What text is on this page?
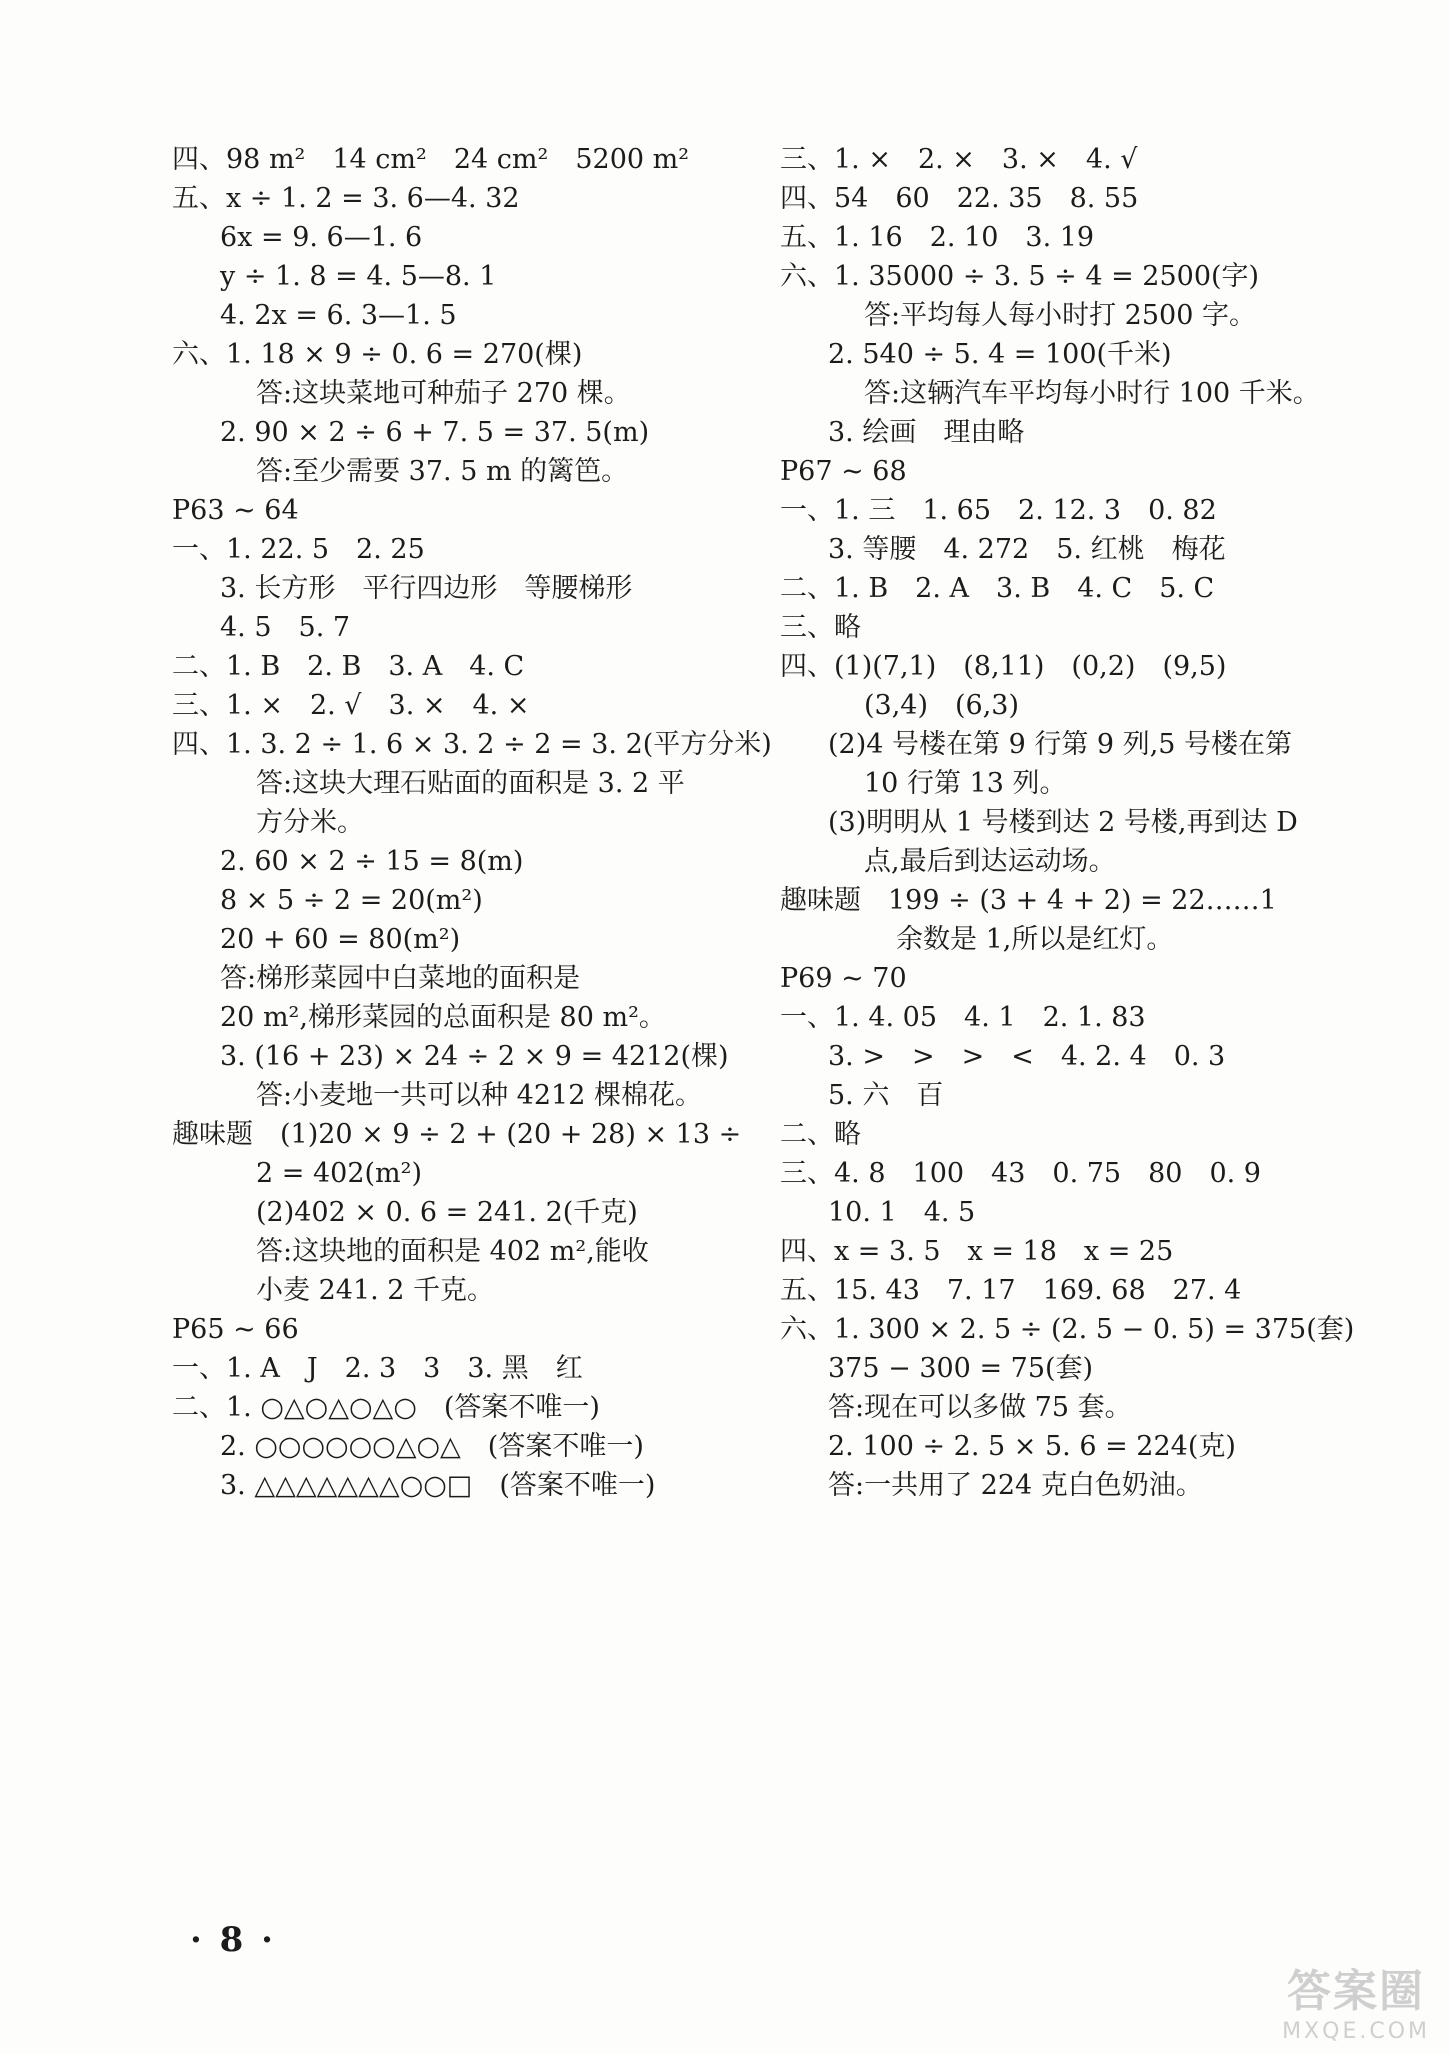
四、98 m²　14 cm²　24 cm²　5200 m²
五、x ÷ 1. 2 = 3. 6—4. 32
6x = 9. 6—1. 6
y ÷ 1. 8 = 4. 5—8. 1
4. 2x = 6. 3—1. 5
六、1. 18 × 9 ÷ 0. 6 = 270(棵)
答:这块菜地可种茄子 270 棵。
2. 90 × 2 ÷ 6 + 7. 5 = 37. 5(m)
答:至少需要 37. 5 m 的篱笆。
P63 ~ 64
一、1. 22. 5　2. 25
3. 长方形　平行四边形　等腰梯形
4. 5　5. 7
二、1. B　2. B　3. A　4. C
三、1. ×　2. √　3. ×　4. ×
四、1. 3. 2 ÷ 1. 6 × 3. 2 ÷ 2 = 3. 2(平方分米)
答:这块大理石贴面的面积是 3. 2 平
方分米。
2. 60 × 2 ÷ 15 = 8(m)
8 × 5 ÷ 2 = 20(m²)
20 + 60 = 80(m²)
答:梯形菜园中白菜地的面积是
20 m²,梯形菜园的总面积是 80 m²。
3. (16 + 23) × 24 ÷ 2 × 9 = 4212(棵)
答:小麦地一共可以种 4212 棵棉花。
趣味题　(1)20 × 9 ÷ 2 + (20 + 28) × 13 ÷
2 = 402(m²)
(2)402 × 0. 6 = 241. 2(千克)
答:这块地的面积是 402 m²,能收
小麦 241. 2 千克。
P65 ~ 66
一、1. A　J　2. 3　3　3. 黑　红
二、1. ○△○△○△○　(答案不唯一)
2. ○○○○○○△○△　(答案不唯一)
3. △△△△△△△○○□　(答案不唯一)
三、1. ×　2. ×　3. ×　4. √
四、54　60　22. 35　8. 55
五、1. 16　2. 10　3. 19
六、1. 35000 ÷ 3. 5 ÷ 4 = 2500(字)
答:平均每人每小时打 2500 字。
2. 540 ÷ 5. 4 = 100(千米)
答:这辆汽车平均每小时行 100 千米。
3. 绘画　理由略
P67 ~ 68
一、1. 三　1. 65　2. 12. 3　0. 82
3. 等腰　4. 272　5. 红桃　梅花
二、1. B　2. A　3. B　4. C　5. C
三、略
四、(1)(7,1)　(8,11)　(0,2)　(9,5)
(3,4)　(6,3)
(2)4 号楼在第 9 行第 9 列,5 号楼在第
10 行第 13 列。
(3)明明从 1 号楼到达 2 号楼,再到达 D
点,最后到达运动场。
趣味题　199 ÷ (3 + 4 + 2) = 22……1
余数是 1,所以是红灯。
P69 ~ 70
一、1. 4. 05　4. 1　2. 1. 83
3. >　>　>　<　4. 2. 4　0. 3
5. 六　百
二、略
三、4. 8　100　43　0. 75　80　0. 9
10. 1　4. 5
四、x = 3. 5　x = 18　x = 25
五、15. 43　7. 17　169. 68　27. 4
六、1. 300 × 2. 5 ÷ (2. 5 − 0. 5) = 375(套)
375 − 300 = 75(套)
答:现在可以多做 75 套。
2. 100 ÷ 2. 5 × 5. 6 = 224(克)
答:一共用了 224 克白色奶油。
· 8 ·
答案圈
MXQE.COM
